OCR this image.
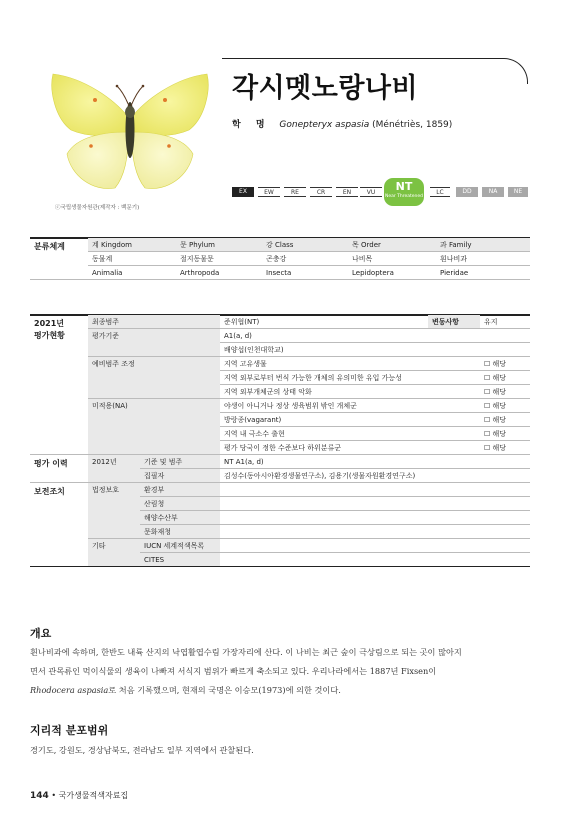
ⓒ국립생물자원관(제작자 : 백문기)
각시멧노랑나비
학 명 Gonepteryx aspasia (Ménétriès, 1859)
EX	EW	RE	CR	EN	VU	NT
Near Threatened
LC	DD	NA	NE
분류체계	계 Kingdom	문 Phylum	강 Class	목 Order	과 Family
	동물계	절지동물문	곤충강	나비목	흰나비과
	Animalia	Arthropoda	Insecta	Lepidoptera	Pieridae
2021년
평가현황	최종범주		준위협(NT)	변동사항	유지
	평가기준		A1(a, d)		
			배양섭(인천대학교)		
	예비범주 조정		지역 고유생물		☐ 해당
			지역 외부로부터 번식 가능한 개체의 유의미한 유입 가능성		☐ 해당
			지역 외부개체군의 상태 악화		☐ 해당
	미적용(NA)		야생이 아니거나 정상 생육범위 밖인 개체군		☐ 해당
			방랑종(vagarant)		☐ 해당
			지역 내 극소수 출현		☐ 해당
			평가 당국이 정한 수준보다 하위분류군		☐ 해당
평가 이력	2012년	기준 및 범주	NT A1(a, d)		
		집필자	김성수(동아시아환경생물연구소), 김용기(생물자원환경연구소)		
보전조치	법정보호	환경부			
		산림청			
		해양수산부			
		문화재청			
	기타	IUCN 세계적색목록			
		CITES			
개요
흰나비과에 속하며, 한반도 내륙 산지의 낙엽활엽수림 가장자리에 산다. 이 나비는 최근 숲이 극상림으로 되는 곳이 많아지
면서 관목류인 먹이식물의 생육이 나빠져 서식지 범위가 빠르게 축소되고 있다. 우리나라에서는 1887년 Fixsen이
Rhodocera aspasia로 처음 기록했으며, 현재의 국명은 이승모(1973)에 의한 것이다.
지리적 분포범위
경기도, 강원도, 경상남북도, 전라남도 일부 지역에서 관찰된다.
144 • 국가생물적색자료집
